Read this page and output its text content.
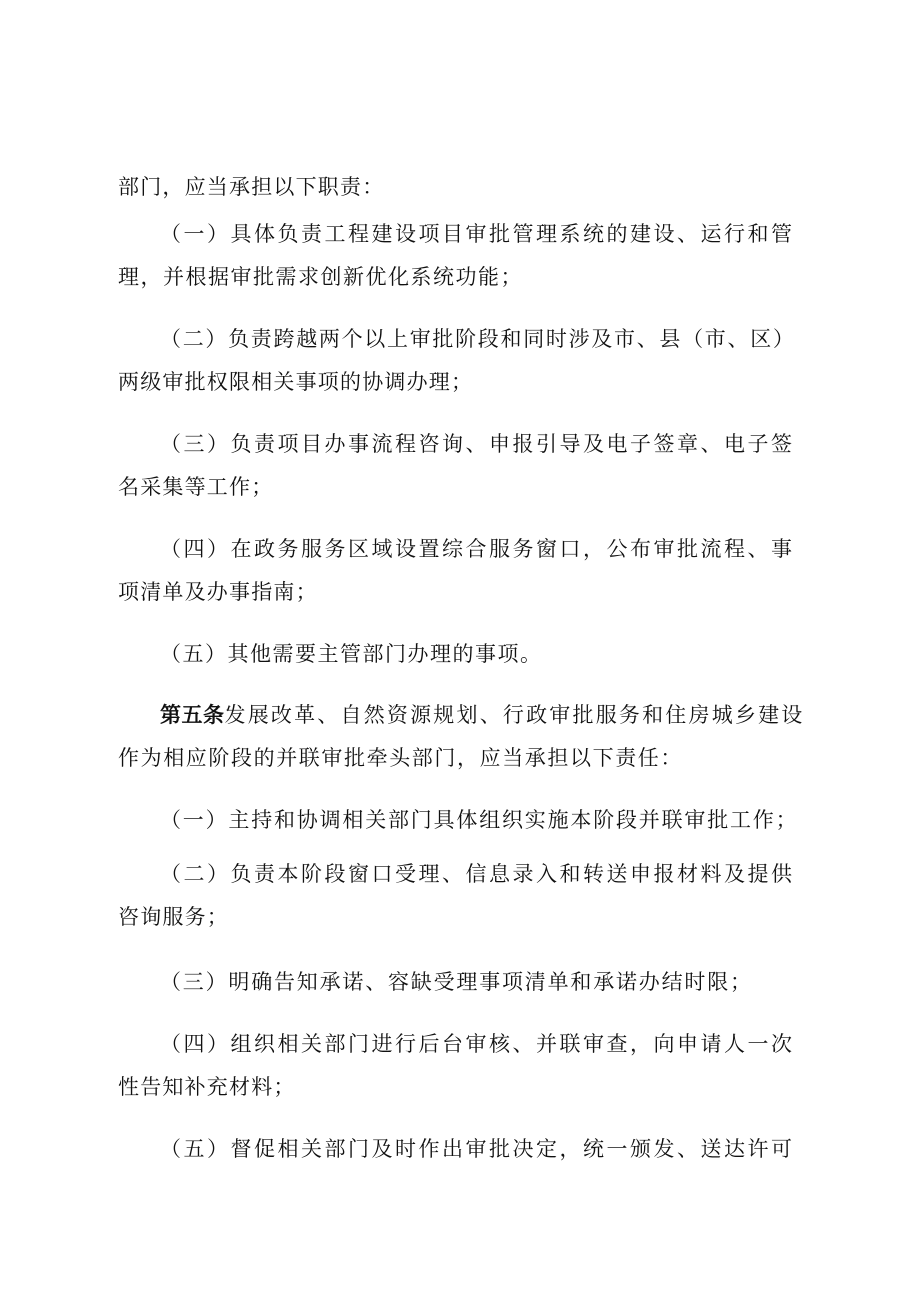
部门，应当承担以下职责：
（一）具体负责工程建设项目审批管理系统的建设、运行和管
理，并根据审批需求创新优化系统功能；
（二）负责跨越两个以上审批阶段和同时涉及市、县（市、区）
两级审批权限相关事项的协调办理；
（三）负责项目办事流程咨询、申报引导及电子签章、电子签
名采集等工作；
（四）在政务服务区域设置综合服务窗口，公布审批流程、事
项清单及办事指南；
（五）其他需要主管部门办理的事项。
第五条发展改革、自然资源规划、行政审批服务和住房城乡建设
作为相应阶段的并联审批牵头部门，应当承担以下责任：
（一）主持和协调相关部门具体组织实施本阶段并联审批工作；
（二）负责本阶段窗口受理、信息录入和转送申报材料及提供
咨询服务；
（三）明确告知承诺、容缺受理事项清单和承诺办结时限；
（四）组织相关部门进行后台审核、并联审查，向申请人一次
性告知补充材料；
（五）督促相关部门及时作出审批决定，统一颁发、送达许可
